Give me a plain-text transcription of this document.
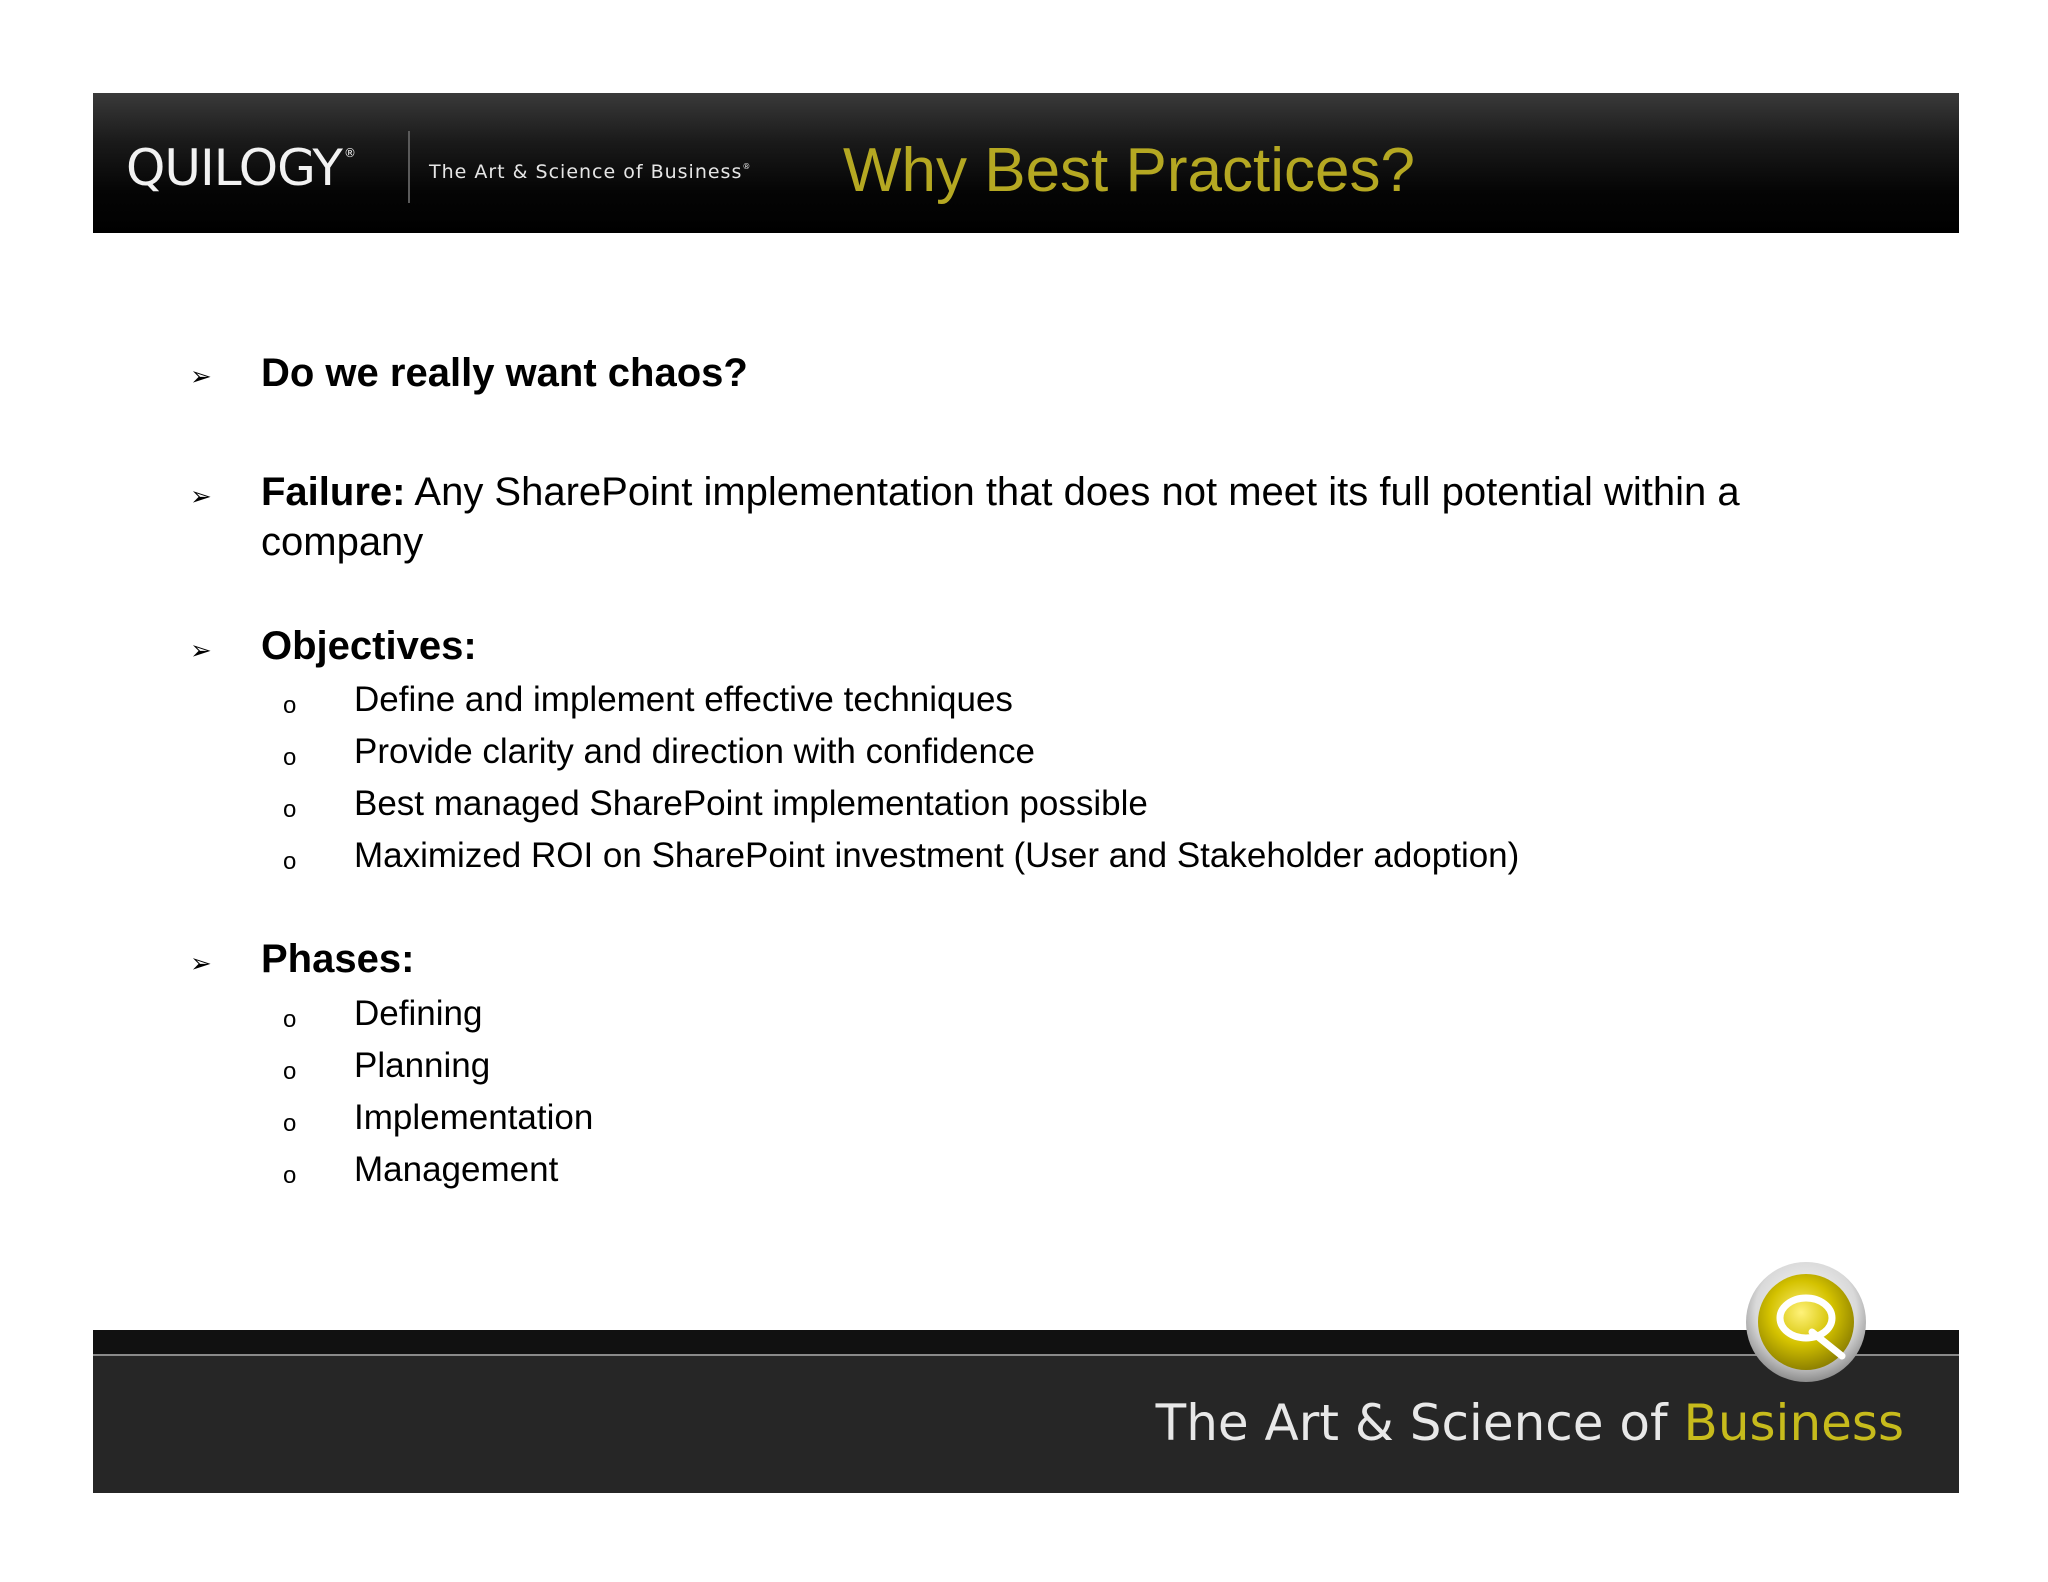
QUILOGY ®
The Art & Science of Business® Why Best Practices?
➢ Do we really want chaos?
➢ Failure: Any SharePoint implementation that does not meet its full potential within a company
➢ Objectives:
o Define and implement effective techniques
o Provide clarity and direction with confidence
o Best managed SharePoint implementation possible
o Maximized ROI on SharePoint investment (User and Stakeholder adoption)
➢ Phases:
o Defining
o Planning
o Implementation
o Management
The Art & Science of Business
